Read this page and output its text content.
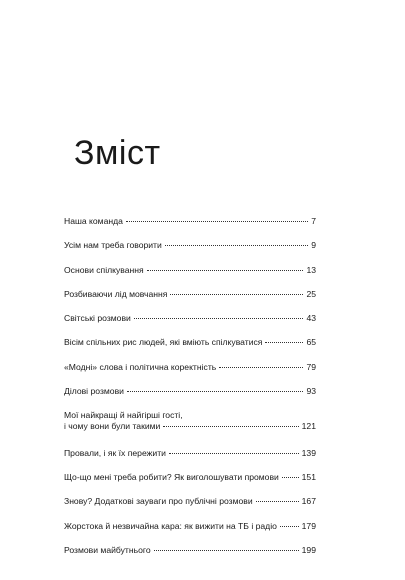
Зміст
Наша команда	7
Усім нам треба говорити	9
Основи спілкування	13
Розбиваючи лід мовчання	25
Світські розмови	43
Вісім спільних рис людей, які вміють спілкуватися	65
«Модні» слова і політична коректність	79
Ділові розмови	93
Мої найкращі й найгірші гості,
і чому вони були такими	121
Провали, і як їх пережити	139
Що-що мені треба робити? Як виголошувати промови	151
Знову? Додаткові зауваги про публічні розмови	167
Жорстока й незвичайна кара: як вижити на ТБ і радіо	179
Розмови майбутнього	199
